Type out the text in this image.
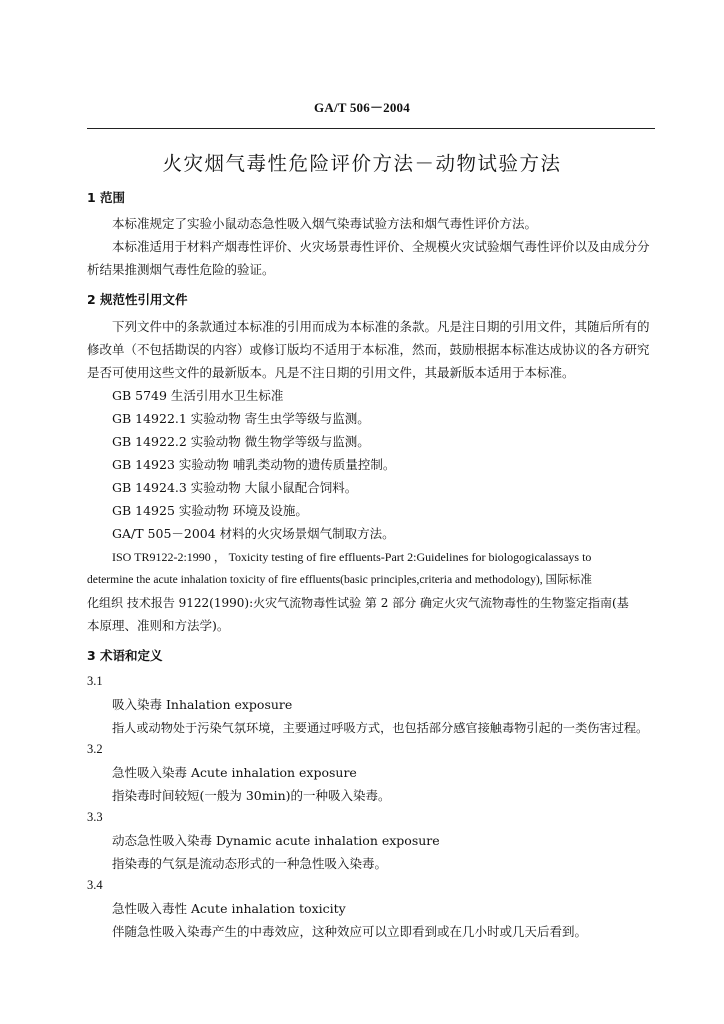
GA/T 506－2004
火灾烟气毒性危险评价方法－动物试验方法
1 范围
本标准规定了实验小鼠动态急性吸入烟气染毒试验方法和烟气毒性评价方法。
本标准适用于材料产烟毒性评价、火灾场景毒性评价、全规模火灾试验烟气毒性评价以及由成分分
析结果推测烟气毒性危险的验证。
2 规范性引用文件
下列文件中的条款通过本标准的引用而成为本标准的条款。凡是注日期的引用文件，其随后所有的
修改单（不包括勘误的内容）或修订版均不适用于本标准，然而，鼓励根据本标准达成协议的各方研究
是否可使用这些文件的最新版本。凡是不注日期的引用文件，其最新版本适用于本标准。
GB 5749 生活引用水卫生标准
GB 14922.1 实验动物 寄生虫学等级与监测。
GB 14922.2 实验动物 微生物学等级与监测。
GB 14923 实验动物 哺乳类动物的遗传质量控制。
GB 14924.3 实验动物 大鼠小鼠配合饲料。
GB 14925 实验动物 环境及设施。
GA/T 505－2004 材料的火灾场景烟气制取方法。
ISO TR9122-2:1990 ， Toxicity testing of fire effluents-Part 2:Guidelines for biologogicalassays to
determine the acute inhalation toxicity of fire effluents(basic principles,criteria and methodology), 国际标准
化组织 技术报告 9122(1990):火灾气流物毒性试验 第 2 部分 确定火灾气流物毒性的生物鉴定指南(基
本原理、准则和方法学)。
3 术语和定义
3.1
吸入染毒 Inhalation exposure
指人或动物处于污染气氛环境，主要通过呼吸方式，也包括部分感官接触毒物引起的一类伤害过程。
3.2
急性吸入染毒 Acute inhalation exposure
指染毒时间较短(一般为 30min)的一种吸入染毒。
3.3
动态急性吸入染毒 Dynamic acute inhalation exposure
指染毒的气氛是流动态形式的一种急性吸入染毒。
3.4
急性吸入毒性 Acute inhalation toxicity
伴随急性吸入染毒产生的中毒效应，这种效应可以立即看到或在几小时或几天后看到。
